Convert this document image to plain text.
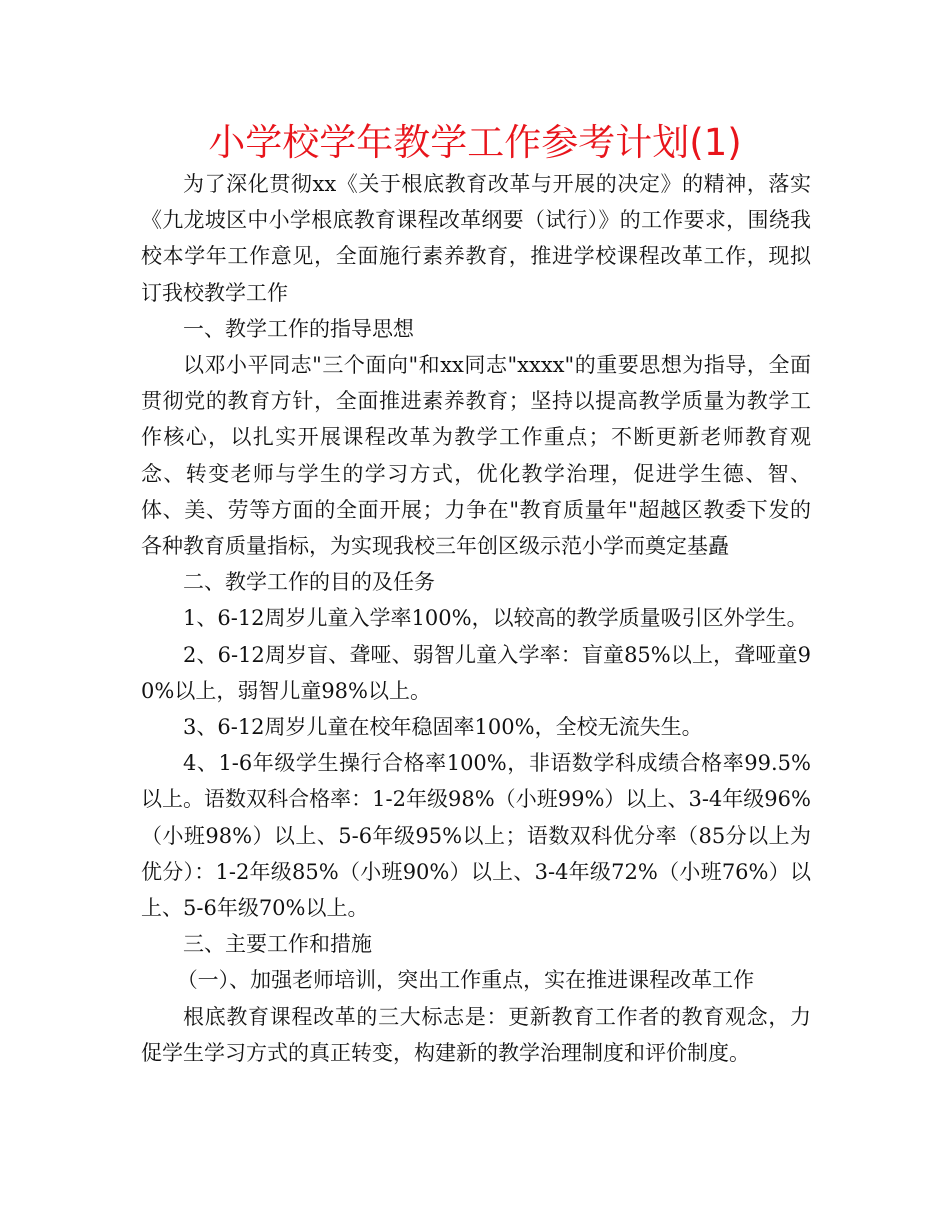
小学校学年教学工作参考计划(1)

为了深化贯彻xx《关于根底教育改革与开展的决定》的精神，落实《九龙坡区中小学根底教育课程改革纲要（试行）》的工作要求，围绕我校本学年工作意见，全面施行素养教育，推进学校课程改革工作，现拟订我校教学工作

一、教学工作的指导思想

以邓小平同志"三个面向"和xx同志"xxxx"的重要思想为指导，全面贯彻党的教育方针，全面推进素养教育；坚持以提高教学质量为教学工作核心，以扎实开展课程改革为教学工作重点；不断更新老师教育观念、转变老师与学生的学习方式，优化教学治理，促进学生德、智、体、美、劳等方面的全面开展；力争在"教育质量年"超越区教委下发的各种教育质量指标，为实现我校三年创区级示范小学而奠定基矗

二、教学工作的目的及任务

1、6-12周岁儿童入学率100%，以较高的教学质量吸引区外学生。

2、6-12周岁盲、聋哑、弱智儿童入学率：盲童85%以上，聋哑童90%以上，弱智儿童98%以上。

3、6-12周岁儿童在校年稳固率100%，全校无流失生。

4、1-6年级学生操行合格率100%，非语数学科成绩合格率99.5%以上。语数双科合格率：1-2年级98%（小班99%）以上、3-4年级96%（小班98%）以上、5-6年级95%以上；语数双科优分率（85分以上为优分）：1-2年级85%（小班90%）以上、3-4年级72%（小班76%）以上、5-6年级70%以上。

三、主要工作和措施

（一）、加强老师培训，突出工作重点，实在推进课程改革工作

根底教育课程改革的三大标志是：更新教育工作者的教育观念，力促学生学习方式的真正转变，构建新的教学治理制度和评价制度。
